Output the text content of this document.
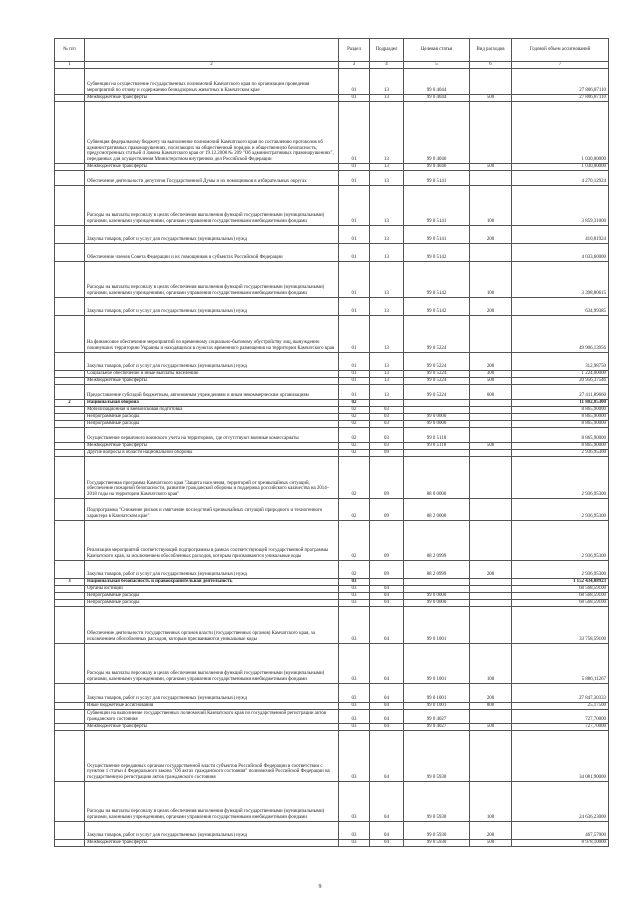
№ п/п		Раздел	Подраздел	Целевая статья	Вид расходов	Годовой объем ассигнований
1	2	3	4	5	6	7
	Субвенции на осуществление государственных полномочий Камчатского края по организации проведения мероприятий по отлову и содержанию безнадзорных животных в Камчатском крае	01	13	99 0 4044		27 806,87110
	Межбюджетные трансферты	01	13	99 0 4044	500	27 806,87110
	Субвенция федеральному бюджету на выполнение полномочий Камчатского края по составлению протоколов об административных правонарушениях, посягающих на общественный порядок и общественную безопасность, предусмотренных статьей 4 Закона Камчатского края от 19.12.2008 № 209 "Об административных правонарушениях", переданных для осуществления Министерством внутренних дел Российской Федерации	01	13	99 0 4046		1 030,00000
	Межбюджетные трансферты	01	13	99 0 4046	500	1 030,00000
	Обеспечение деятельности депутатов Государственной Думы и их помощников в избирательных округах	01	13	99 0 5141		4 270,12924
	Расходы на выплаты персоналу в целях обеспечения выполнения функций государственными (муниципальными) органами, казенными учреждениями, органами управления государственными внебюджетными фондами	01	13	99 0 5141	100	3 859,31000
	Закупка товаров, работ и услуг для государственных (муниципальных) нужд	01	13	99 0 5141	200	410,81924
	Обеспечение членов Совета Федерации и их помощников в субъектах Российской Федерации	01	13	99 0 5142		4 033,60000
	Расходы на выплаты персоналу в целях обеспечения выполнения функций государственными (муниципальными) органами, казенными учреждениями, органами управления государственными внебюджетными фондами	01	13	99 0 5142	100	3 398,80615
	Закупка товаров, работ и услуг для государственных (муниципальных) нужд	01	13	99 0 5142	200	634,99385
	На финансовое обеспечение мероприятий по временному социально-бытовому обустройству лиц, вынужденно покинувших территорию Украины и находящихся в пунктах временного размещения на территории Камчатского края	01	13	99 0 5224		49 906,13956
	Закупка товаров, работ и услуг для государственных (муниципальных) нужд	01	13	99 0 5224	200	312,98750
	Социальное обеспечение и иные выплаты населению	01	13	99 0 5224	300	1 224,00000
	Межбюджетные трансферты	01	13	99 0 5224	500	20 956,37546
	Предоставление субсидий бюджетным, автономным учреждениям и иным некоммерческим организациям	01	13	99 0 5224	600	27 411,89660
2	Национальная оборона	02				11 802,85300
	Мобилизационная и вневойсковая подготовка	02	03			8 865,90000
	Непрограммные расходы	02	03	99 0 0000		8 865,90000
	Непрограммные расходы	02	03	99 0 0000		8 865,90000
	Осуществление первичного воинского учета на территориях, где отсутствуют военные комиссариаты	02	03	99 0 5118		8 865,90000
	Межбюджетные трансферты	02	03	99 0 5118	500	8 865,90000
	Другие вопросы в области национальной обороны	02	09			2 936,95300
	Государственная программа Камчатского края "Защита населения, территорий от чрезвычайных ситуаций, обеспечение пожарной безопасности, развитие гражданской обороны и поддержка российского казачества на 2014–2018 годы на территории Камчатского края"	02	09	08 0 0000		2 936,95300
	Подпрограмма "Снижение рисков и смягчение последствий чрезвычайных ситуаций природного и техногенного характера в Камчатском крае"	02	09	08 2 0000		2 936,95300
	Реализация мероприятий соответствующей подпрограммы в рамках соответствующей государственной программы Камчатского края, за исключением обособленных расходов, которым присваиваются уникальные коды	02	09	08 2 0999		2 936,95300
	Закупка товаров, работ и услуг для государственных (муниципальных) нужд	02	09	08 2 0999	200	2 936,95300
3	Национальная безопасность и правоохранительная деятельность	03				1 152 434,08923
	Органы юстиции	03	04			68 568,59100
	Непрограммные расходы	03	04	99 0 0000		68 568,59100
	Непрограммные расходы	03	04	99 0 0000		68 568,59100
	Обеспечение деятельности государственных органов власти (государственных органов) Камчатского края, за исключением обособленных расходов, которым присваиваются уникальные коды	03	04	99 0 1001		33 758,59100
	Расходы на выплаты персоналу в целях обеспечения выполнения функций государственными (муниципальными) органами, казенными учреждениями, органами управления государственными внебюджетными фондами	03	04	99 0 1001	100	5 886,11267
	Закупка товаров, работ и услуг для государственных (муниципальных) нужд	03	04	99 0 1001	200	27 847,30333
	Иные бюджетные ассигнования	03	04	99 0 1001	800	25,17500
	Субвенции на выполнение государственных полномочий Камчатского края по государственной регистрации актов гражданского состояния	03	04	99 0 4027		727,70000
	Межбюджетные трансферты	03	04	99 0 4027	500	727,70000
	Осуществление переданных органам государственной власти субъектов Российской Федерации в соответствии с пунктом 1 статьи 4 Федерального закона "Об актах гражданского состояния" полномочий Российской Федерации на государственную регистрацию актов гражданского состояния	03	04	99 0 5930		34 081,90000
	Расходы на выплаты персоналу в целях обеспечения выполнения функций государственными (муниципальными) органами, казенными учреждениями, органами управления государственными внебюджетными фондами	03	04	99 0 5930	100	24 636,23000
	Закупка товаров, работ и услуг для государственных (муниципальных) нужд	03	04	99 0 5930	200	467,57000
	Межбюджетные трансферты	03	04	99 0 5930	500	8 978,10000
9
